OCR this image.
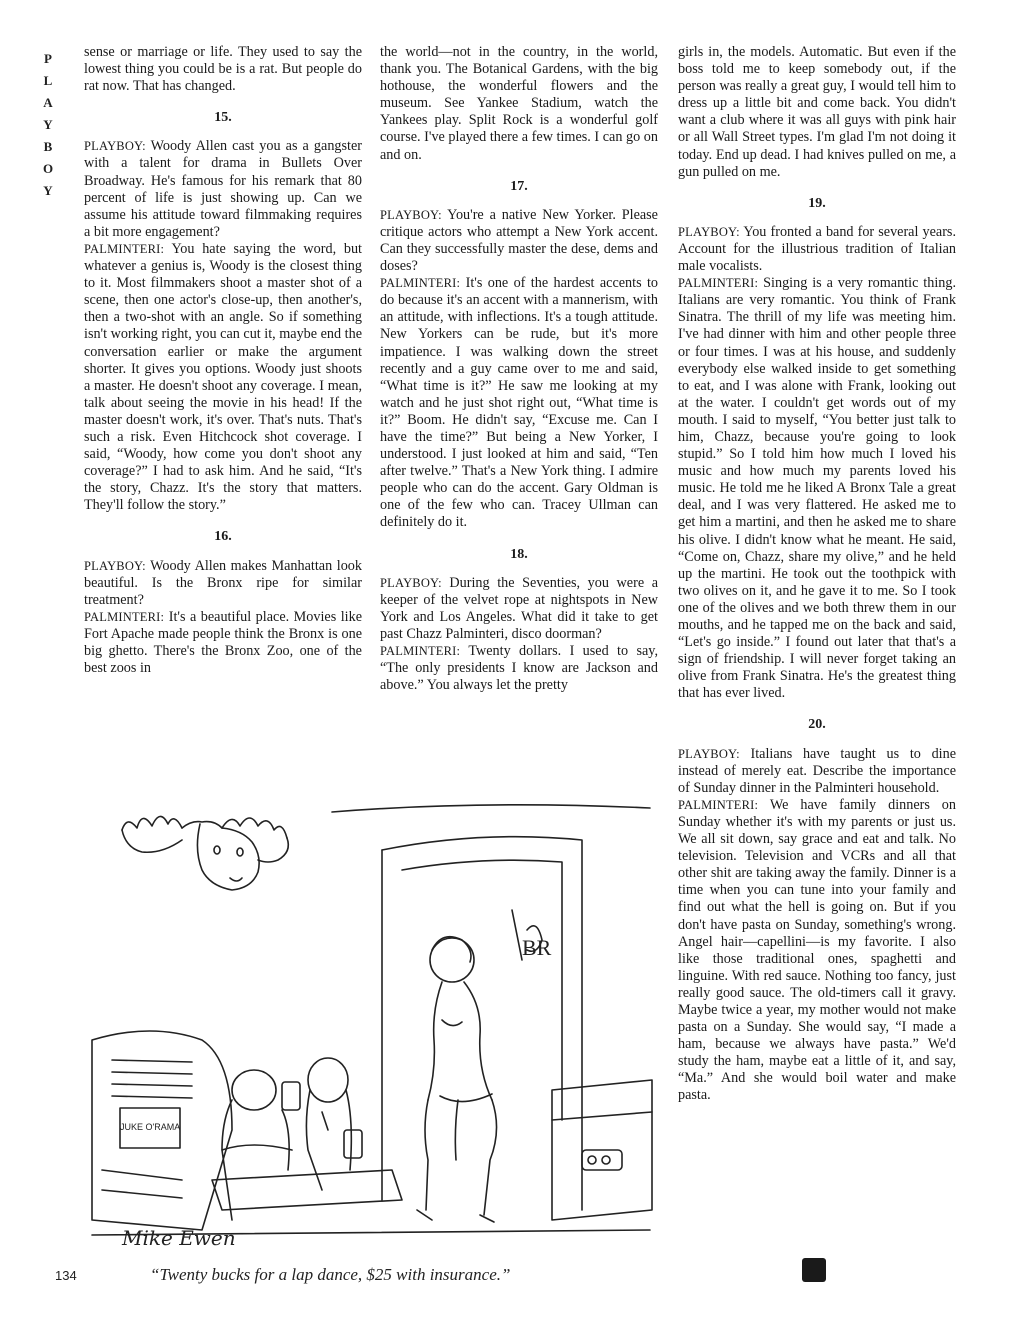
P
L
A
Y
B
O
Y

sense or marriage or life. They used to say the lowest thing you could be is a rat. But people do rat now. That has changed.

15.

PLAYBOY: Woody Allen cast you as a gangster with a talent for drama in Bullets Over Broadway. He's famous for his remark that 80 percent of life is just showing up. Can we assume his attitude toward filmmaking requires a bit more engagement?

PALMINTERI: You hate saying the word, but whatever a genius is, Woody is the closest thing to it. Most filmmakers shoot a master shot of a scene, then one actor's close-up, then another's, then a two-shot with an angle. So if something isn't working right, you can cut it, maybe end the conversation earlier or make the argument shorter. It gives you options. Woody just shoots a master. He doesn't shoot any coverage. I mean, talk about seeing the movie in his head! If the master doesn't work, it's over. That's nuts. That's such a risk. Even Hitchcock shot coverage. I said, “Woody, how come you don't shoot any coverage?” I had to ask him. And he said, “It's the story, Chazz. It's the story that matters. They'll follow the story.”

16.

PLAYBOY: Woody Allen makes Manhattan look beautiful. Is the Bronx ripe for similar treatment?

PALMINTERI: It's a beautiful place. Movies like Fort Apache made people think the Bronx is one big ghetto. There's the Bronx Zoo, one of the best zoos in

the world—not in the country, in the world, thank you. The Botanical Gardens, with the big hothouse, the wonderful flowers and the museum. See Yankee Stadium, watch the Yankees play. Split Rock is a wonderful golf course. I've played there a few times. I can go on and on.

17.

PLAYBOY: You're a native New Yorker. Please critique actors who attempt a New York accent. Can they successfully master the dese, dems and doses?

PALMINTERI: It's one of the hardest accents to do because it's an accent with a mannerism, with an attitude, with inflections. It's a tough attitude. New Yorkers can be rude, but it's more impatience. I was walking down the street recently and a guy came over to me and said, “What time is it?” He saw me looking at my watch and he just shot right out, “What time is it?” Boom. He didn't say, “Excuse me. Can I have the time?” But being a New Yorker, I understood. I just looked at him and said, “Ten after twelve.” That's a New York thing. I admire people who can do the accent. Gary Oldman is one of the few who can. Tracey Ullman can definitely do it.

18.

PLAYBOY: During the Seventies, you were a keeper of the velvet rope at nightspots in New York and Los Angeles. What did it take to get past Chazz Palminteri, disco doorman?

PALMINTERI: Twenty dollars. I used to say, “The only presidents I know are Jackson and above.” You always let the pretty

girls in, the models. Automatic. But even if the boss told me to keep somebody out, if the person was really a great guy, I would tell him to dress up a little bit and come back. You didn't want a club where it was all guys with pink hair or all Wall Street types. I'm glad I'm not doing it today. End up dead. I had knives pulled on me, a gun pulled on me.

19.

PLAYBOY: You fronted a band for several years. Account for the illustrious tradition of Italian male vocalists.

PALMINTERI: Singing is a very romantic thing. Italians are very romantic. You think of Frank Sinatra. The thrill of my life was meeting him. I've had dinner with him and other people three or four times. I was at his house, and suddenly everybody else walked inside to get something to eat, and I was alone with Frank, looking out at the water. I couldn't get words out of my mouth. I said to myself, “You better just talk to him, Chazz, because you're going to look stupid.” So I told him how much I loved his music and how much my parents loved his music. He told me he liked A Bronx Tale a great deal, and I was very flattered. He asked me to get him a martini, and then he asked me to share his olive. I didn't know what he meant. He said, “Come on, Chazz, share my olive,” and he held up the martini. He took out the toothpick with two olives on it, and he gave it to me. So I took one of the olives and we both threw them in our mouths, and he tapped me on the back and said, “Let's go inside.” I found out later that that's a sign of friendship. I will never forget taking an olive from Frank Sinatra. He's the greatest thing that has ever lived.

20.

PLAYBOY: Italians have taught us to dine instead of merely eat. Describe the importance of Sunday dinner in the Palminteri household.

PALMINTERI: We have family dinners on Sunday whether it's with my parents or just us. We all sit down, say grace and eat and talk. No television. Television and VCRs and all that other shit are taking away the family. Dinner is a time when you can tune into your family and find out what the hell is going on. But if you don't have pasta on Sunday, something's wrong. Angel hair—capellini—is my favorite. I also like those traditional ones, spaghetti and linguine. With red sauce. Nothing too fancy, just really good sauce. The old-timers call it gravy. Maybe twice a year, my mother would not make pasta on a Sunday. She would say, “I made a ham, because we always have pasta.” We'd study the ham, maybe eat a little of it, and say, “Ma.” And she would boil water and make pasta.

BR
JUKE O'RAMA
Mike Ewen
134	“Twenty bucks for a lap dance, $25 with insurance.”
